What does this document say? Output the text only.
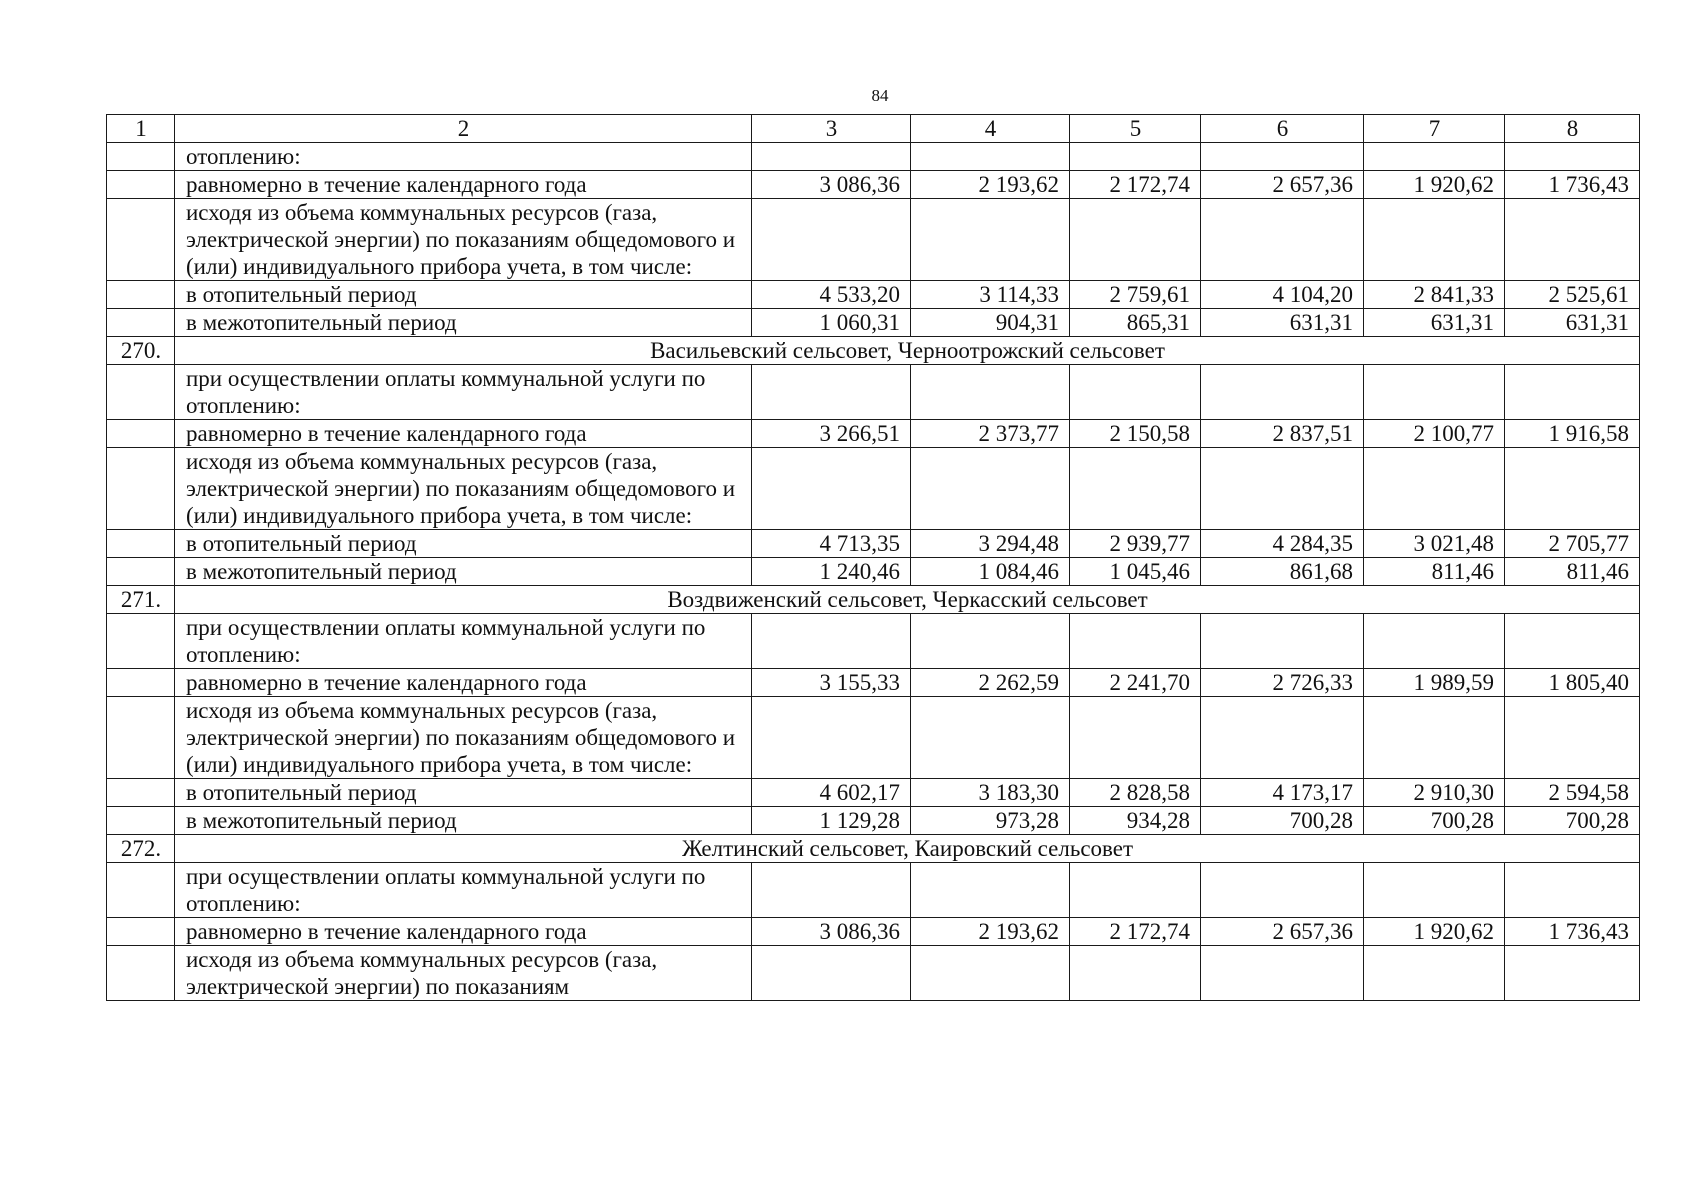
84
1	2	3	4	5	6	7	8
	отоплению:						
	равномерно в течение календарного года	3 086,36	2 193,62	2 172,74	2 657,36	1 920,62	1 736,43
	исходя из объема коммунальных ресурсов (газа, электрической энергии) по показаниям общедомового и (или) индивидуального прибора учета, в том числе:						
	в отопительный период	4 533,20	3 114,33	2 759,61	4 104,20	2 841,33	2 525,61
	в межотопительный период	1 060,31	904,31	865,31	631,31	631,31	631,31
270.	Васильевский сельсовет, Черноотрожский сельсовет						
	при осуществлении оплаты коммунальной услуги по отоплению:						
	равномерно в течение календарного года	3 266,51	2 373,77	2 150,58	2 837,51	2 100,77	1 916,58
	исходя из объема коммунальных ресурсов (газа, электрической энергии) по показаниям общедомового и (или) индивидуального прибора учета, в том числе:						
	в отопительный период	4 713,35	3 294,48	2 939,77	4 284,35	3 021,48	2 705,77
	в межотопительный период	1 240,46	1 084,46	1 045,46	861,68	811,46	811,46
271.	Воздвиженский сельсовет, Черкасский сельсовет						
	при осуществлении оплаты коммунальной услуги по отоплению:						
	равномерно в течение календарного года	3 155,33	2 262,59	2 241,70	2 726,33	1 989,59	1 805,40
	исходя из объема коммунальных ресурсов (газа, электрической энергии) по показаниям общедомового и (или) индивидуального прибора учета, в том числе:						
	в отопительный период	4 602,17	3 183,30	2 828,58	4 173,17	2 910,30	2 594,58
	в межотопительный период	1 129,28	973,28	934,28	700,28	700,28	700,28
272.	Желтинский сельсовет, Каировский сельсовет						
	при осуществлении оплаты коммунальной услуги по отоплению:						
	равномерно в течение календарного года	3 086,36	2 193,62	2 172,74	2 657,36	1 920,62	1 736,43
	исходя из объема коммунальных ресурсов (газа, электрической энергии) по показаниям						
